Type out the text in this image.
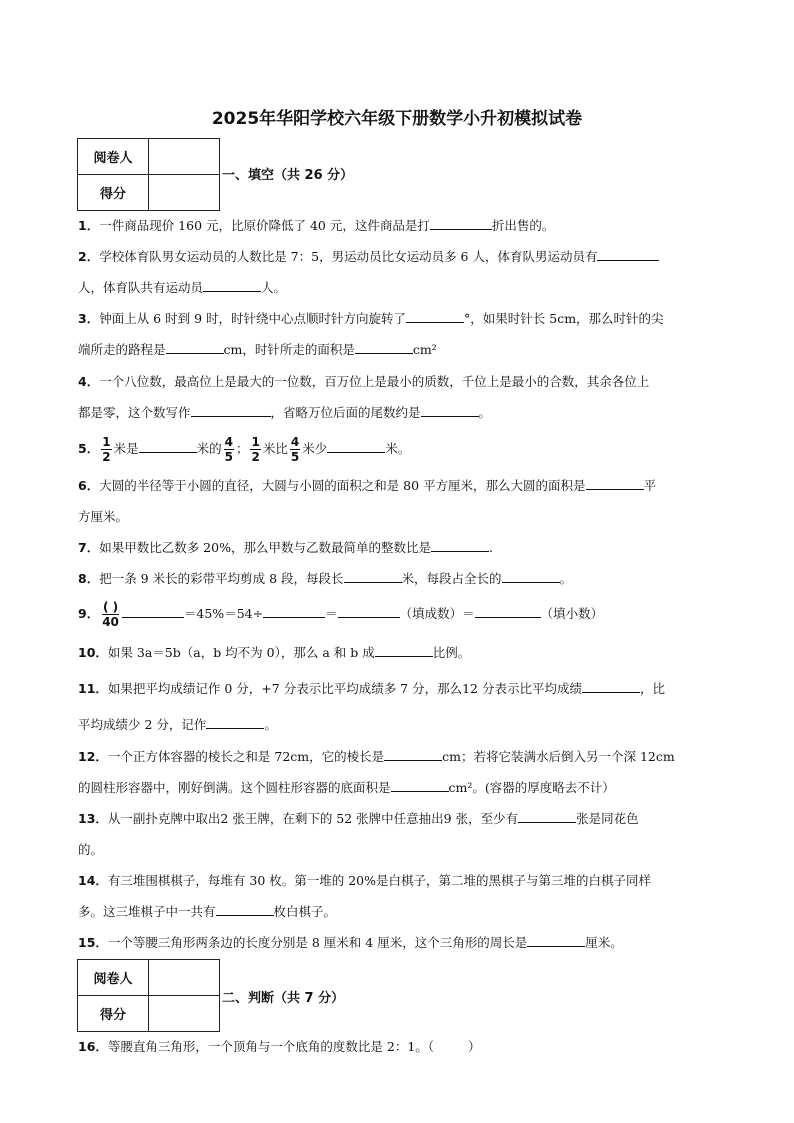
2025年华阳学校六年级下册数学小升初模拟试卷
阅卷人	
得分	
一、填空（共 26 分）
1．一件商品现价 160 元，比原价降低了 40 元，这件商品是打	折出售的。
2．学校体育队男女运动员的人数比是 7：5，男运动员比女运动员多 6 人，体育队男运动员有
人，体育队共有运动员	人。
3．钟面上从 6 时到 9 时，时针绕中心点顺时针方向旋转了	°，如果时针长 5cm，那么时针的尖
端所走的路程是	cm，时针所走的面积是	cm²
4．一个八位数，最高位上是最大的一位数，百万位上是最小的质数，千位上是最小的合数，其余各位上
都是零，这个数写作	，省略万位后面的尾数约是	。
5． $\frac{1}{2}$ 米是	米的 $\frac{4}{5}$ ； $\frac{1}{2}$ 米比 $\frac{4}{5}$ 米少	米。
6．大圆的半径等于小圆的直径，大圆与小圆的面积之和是 80 平方厘米，那么大圆的面积是	平
方厘米。
7．如果甲数比乙数多 20%，那么甲数与乙数最简单的整数比是	.
8．把一条 9 米长的彩带平均剪成 8 段，每段长	米，每段占全长的	。
9． $\frac{( )}{40}$	＝45%＝54÷	＝	（填成数）＝	（填小数）
10．如果 3a＝5b（a，b 均不为 0），那么 a 和 b 成	比例。
11．如果把平均成绩记作 0 分，+7 分表示比平均成绩多 7 分，那么12 分表示比平均成绩	，比
平均成绩少 2 分，记作	。
12．一个正方体容器的棱长之和是 72cm，它的棱长是	cm；若将它装满水后倒入另一个深 12cm
的圆柱形容器中，刚好倒满。这个圆柱形容器的底面积是	cm²。(容器的厚度略去不计）
13．从一副扑克牌中取出2 张王牌，在剩下的 52 张牌中任意抽出9 张，至少有	张是同花色
的。
14．有三堆围棋棋子，每堆有 30 枚。第一堆的 20%是白棋子，第二堆的黑棋子与第三堆的白棋子同样
多。这三堆棋子中一共有	枚白棋子。
15．一个等腰三角形两条边的长度分别是 8 厘米和 4 厘米，这个三角形的周长是	厘米。
阅卷人	
得分	
二、判断（共 7 分）
16．等腰直角三角形，一个顶角与一个底角的度数比是 2：1。（	）
